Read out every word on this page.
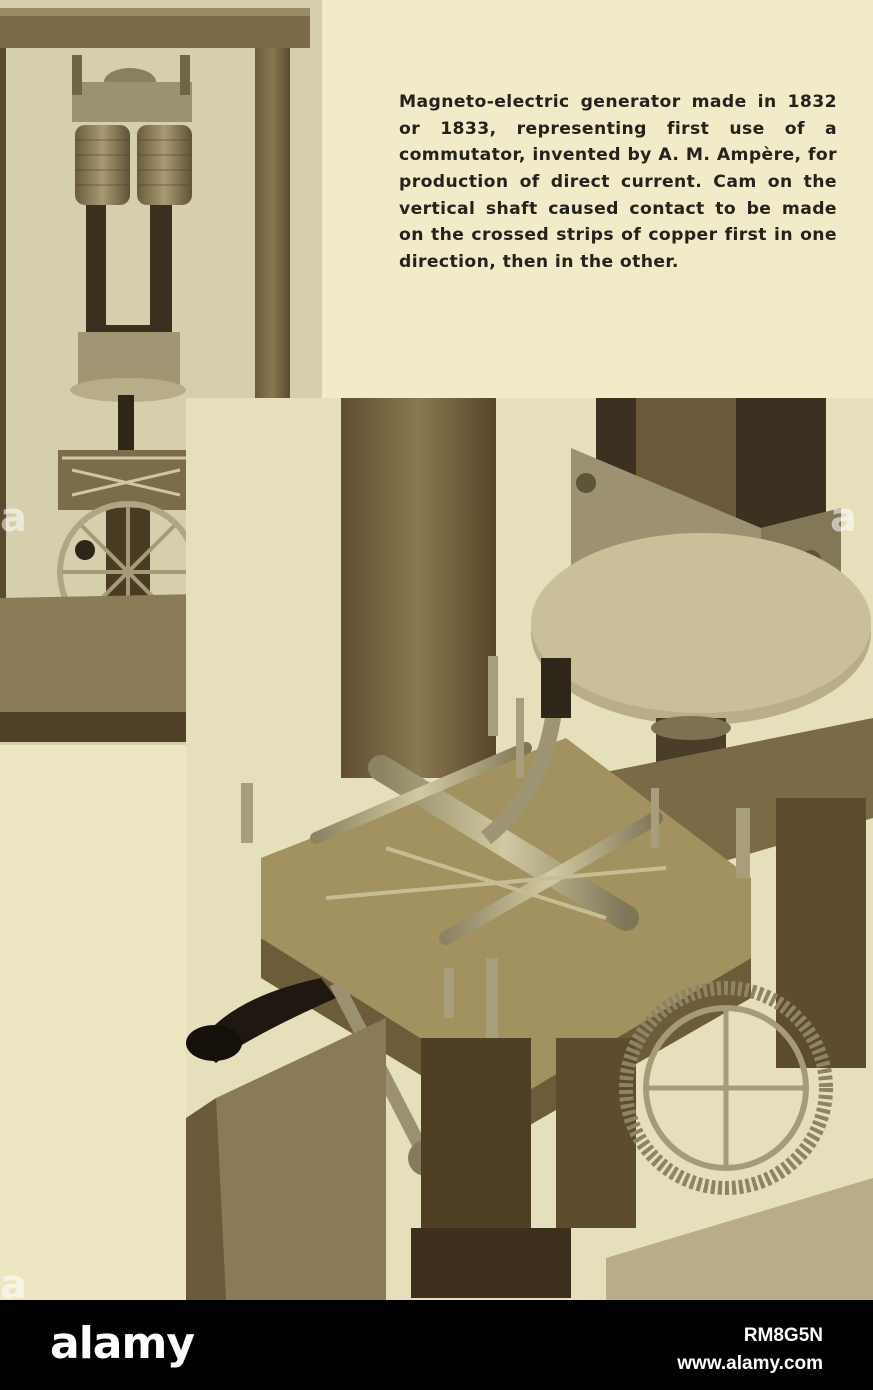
Magneto-electric generator made in 1832 or 1833, representing first use of a commutator, invented by A. M. Ampère, for production of direct current. Cam on the vertical shaft caused contact to be made on the crossed strips of copper first in one direction, then in the other.

a	a
a
alamy	RM8G5N
www.alamy.com
